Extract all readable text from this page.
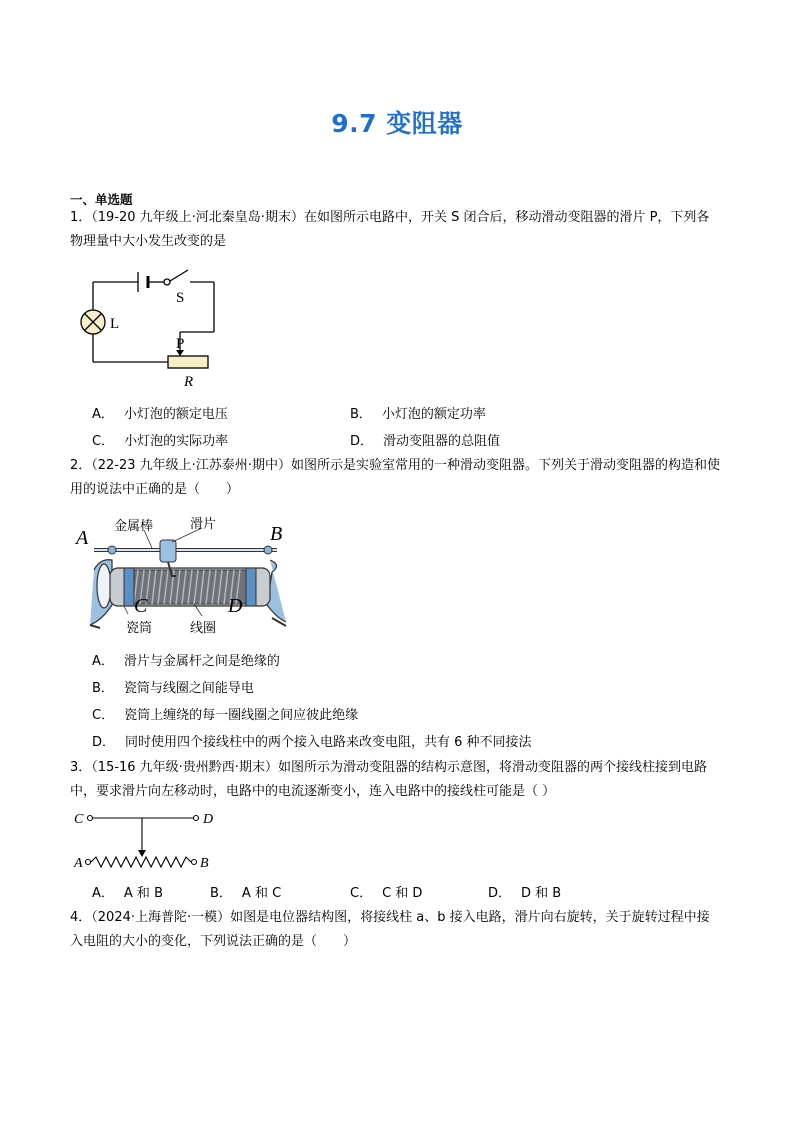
9.7 变阻器
一、单选题
1．（19-20 九年级上·河北秦皇岛·期末）在如图所示电路中，开关 S 闭合后，移动滑动变阻器的滑片 P，下列各物理量中大小发生改变的是
S
L
P
R
A． 小灯泡的额定电压	B． 小灯泡的额定功率
C． 小灯泡的实际功率	D． 滑动变阻器的总阻值
2．（22-23 九年级上·江苏泰州·期中）如图所示是实验室常用的一种滑动变阻器。下列关于滑动变阻器的构造和使用的说法中正确的是（　　）
金属棒	滑片
A	B
C	D
瓷筒	线圈
A． 滑片与金属杆之间是绝缘的
B． 瓷筒与线圈之间能导电
C． 瓷筒上缠绕的每一圈线圈之间应彼此绝缘
D． 同时使用四个接线柱中的两个接入电路来改变电阻，共有 6 种不同接法
3．（15-16 九年级·贵州黔西·期末）如图所示为滑动变阻器的结构示意图，将滑动变阻器的两个接线柱接到电路中，要求滑片向左移动时，电路中的电流逐渐变小，连入电路中的接线柱可能是（ ）
C	D
A	B
A． A 和 B	B． A 和 C	C． C 和 D	D． D 和 B
4．（2024·上海普陀·一模）如图是电位器结构图，将接线柱 a、b 接入电路，滑片向右旋转，关于旋转过程中接入电阻的大小的变化，下列说法正确的是（　　）
